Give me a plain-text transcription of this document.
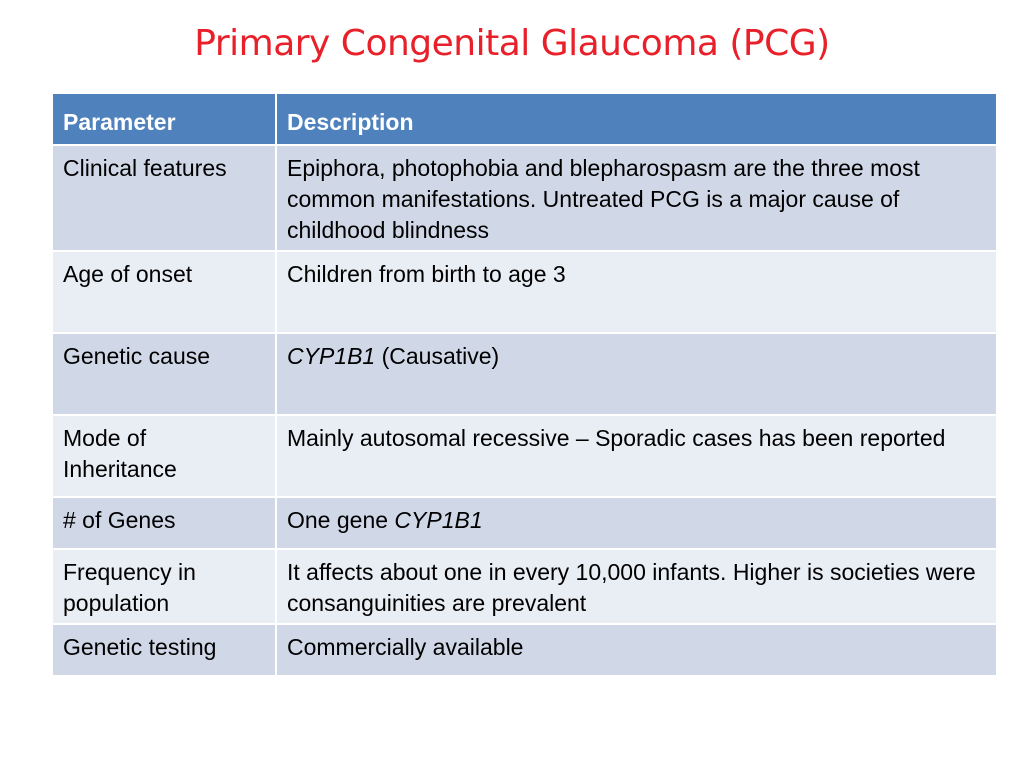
Primary Congenital Glaucoma (PCG)
Parameter	Description
Clinical features	Epiphora, photophobia and blepharospasm are the three most common manifestations. Untreated PCG is a major cause of childhood blindness
Age of onset	Children from birth to age 3
Genetic cause	CYP1B1 (Causative)
Mode of Inheritance	Mainly autosomal recessive – Sporadic cases has been reported
# of Genes	One gene CYP1B1
Frequency in population	It affects about one in every 10,000 infants. Higher is societies were consanguinities are prevalent
Genetic testing	Commercially available
